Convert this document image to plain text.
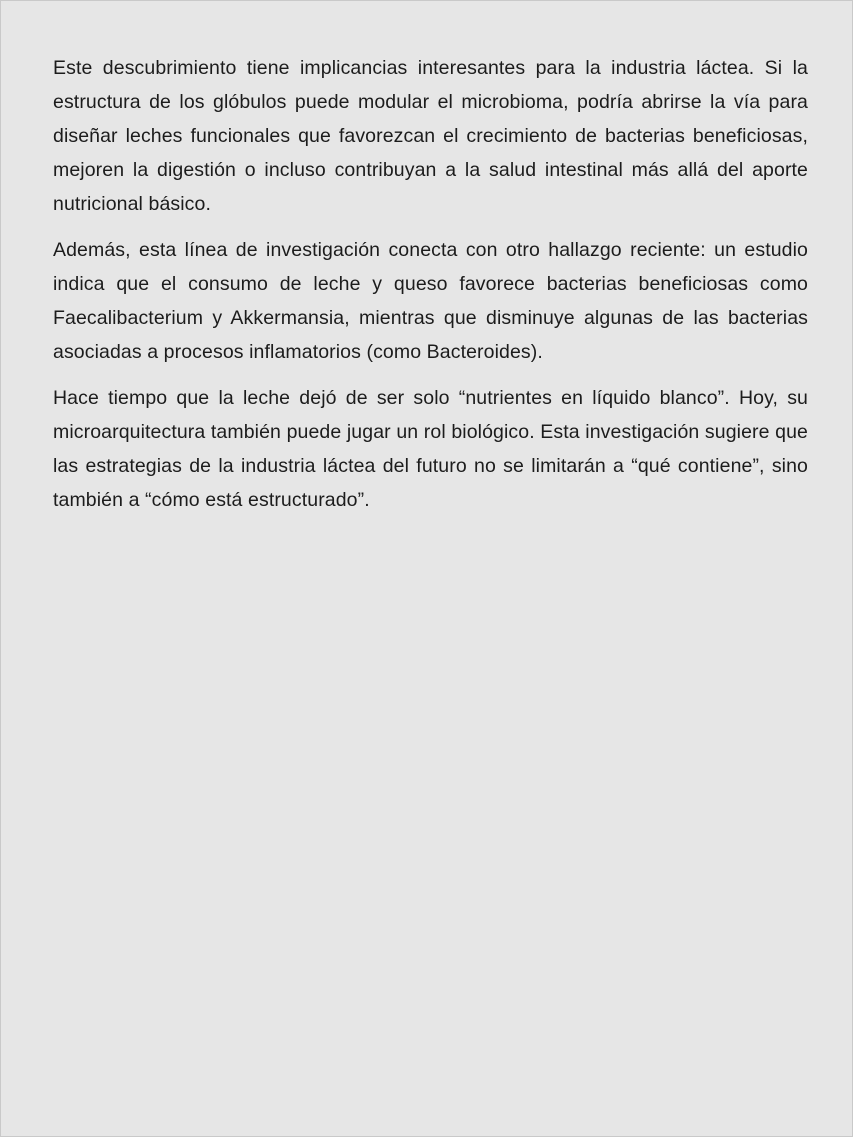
Este descubrimiento tiene implicancias interesantes para la industria láctea. Si la estructura de los glóbulos puede modular el microbioma, podría abrirse la vía para diseñar leches funcionales que favorezcan el crecimiento de bacterias beneficiosas, mejoren la digestión o incluso contribuyan a la salud intestinal más allá del aporte nutricional básico.

Además, esta línea de investigación conecta con otro hallazgo reciente: un estudio indica que el consumo de leche y queso favorece bacterias beneficiosas como Faecalibacterium y Akkermansia, mientras que disminuye algunas de las bacterias asociadas a procesos inflamatorios (como Bacteroides).

Hace tiempo que la leche dejó de ser solo “nutrientes en líquido blanco”. Hoy, su microarquitectura también puede jugar un rol biológico. Esta investigación sugiere que las estrategias de la industria láctea del futuro no se limitarán a “qué contiene”, sino también a “cómo está estructurado”.
